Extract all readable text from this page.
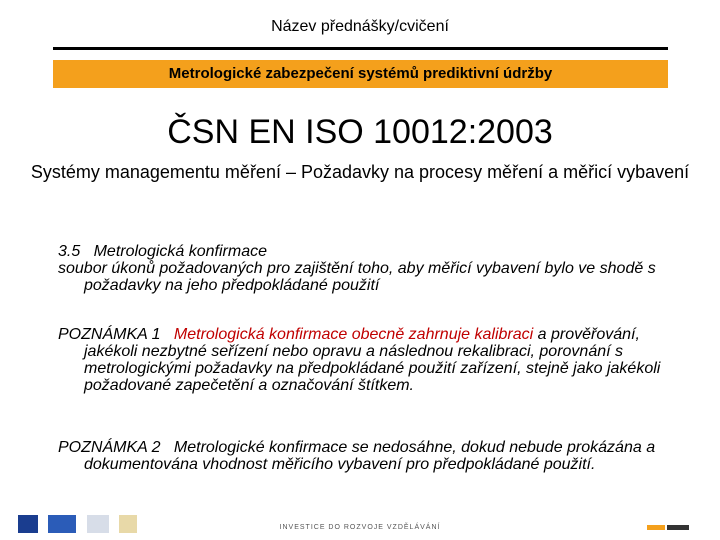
Název přednášky/cvičení
Metrologické zabezpečení systémů prediktivní údržby
ČSN EN ISO 10012:2003
Systémy managementu měření – Požadavky na procesy měření a měřicí vybavení

3.5 Metrologická konfirmace

soubor úkonů požadovaných pro zajištění toho, aby měřicí vybavení bylo ve shodě s požadavky na jeho předpokládané použití

POZNÁMKA 1 Metrologická konfirmace obecně zahrnuje kalibraci a prověřování, jakékoli nezbytné seřízení nebo opravu a následnou rekalibraci, porovnání s metrologickými požadavky na předpokládané použití zařízení, stejně jako jakékoli požadované zapečetění a označování štítkem.

POZNÁMKA 2 Metrologické konfirmace se nedosáhne, dokud nebude prokázána a dokumentována vhodnost měřicího vybavení pro předpokládané použití.

INVESTICE DO ROZVOJE VZDĚLÁVÁNÍ
